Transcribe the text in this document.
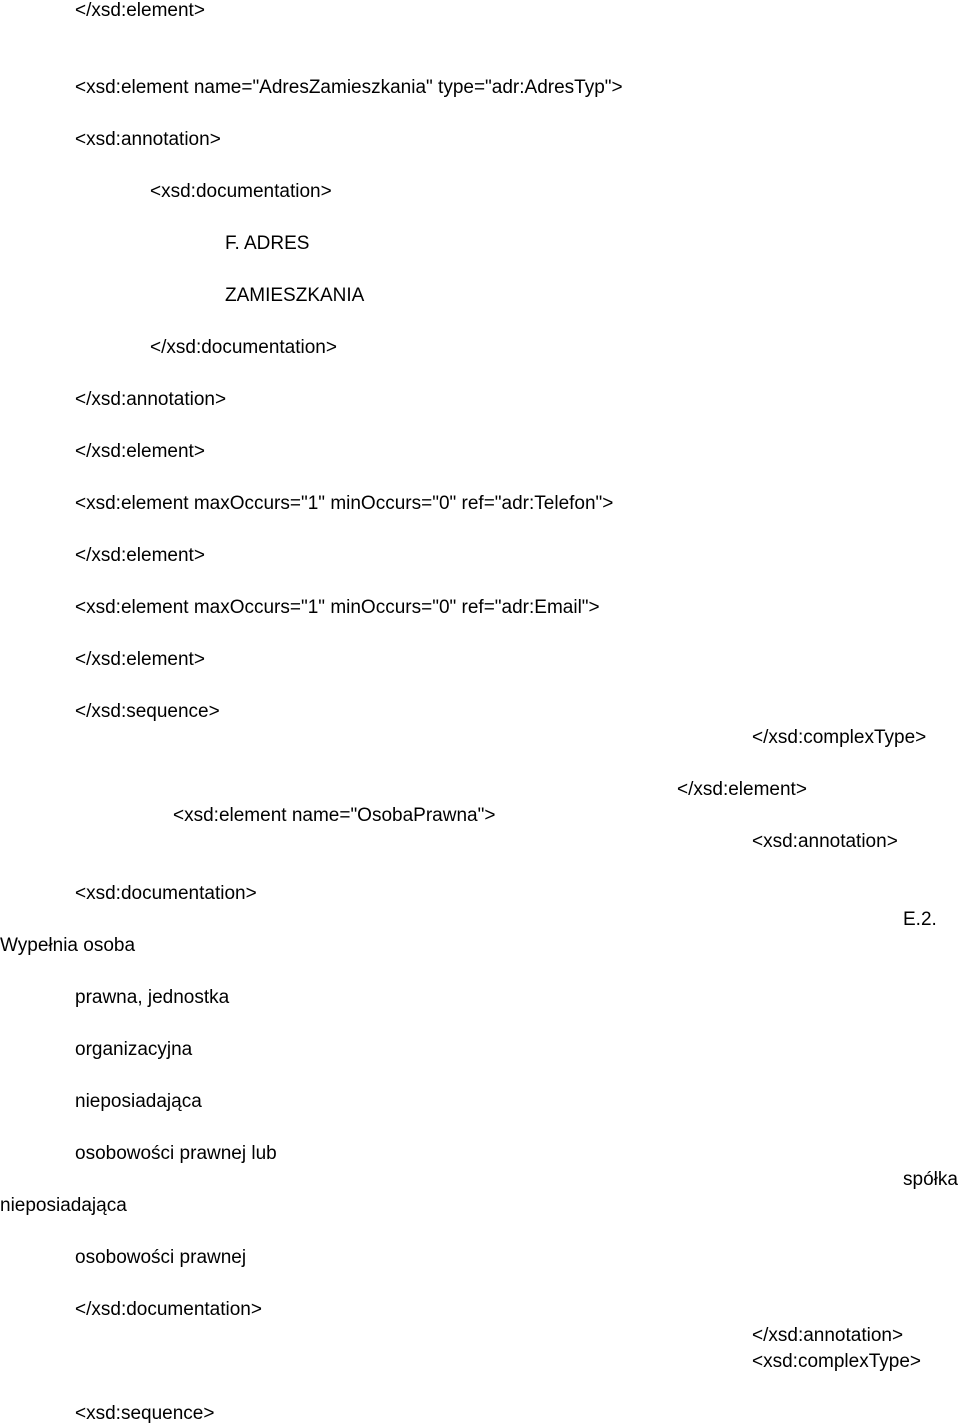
</xsd:element>
<xsd:element name="AdresZamieszkania" type="adr:AdresTyp">
<xsd:annotation>
<xsd:documentation>
F. ADRES
ZAMIESZKANIA
</xsd:documentation>
</xsd:annotation>
</xsd:element>
<xsd:element maxOccurs="1" minOccurs="0" ref="adr:Telefon">
</xsd:element>
<xsd:element maxOccurs="1" minOccurs="0" ref="adr:Email">
</xsd:element>
</xsd:sequence>
</xsd:complexType>
</xsd:element>
<xsd:element name="OsobaPrawna">
<xsd:annotation>
<xsd:documentation>
E.2.
Wypełnia osoba
prawna, jednostka
organizacyjna
nieposiadająca
osobowości prawnej lub
spółka
nieposiadająca
osobowości prawnej
</xsd:documentation>
</xsd:annotation>
<xsd:complexType>
<xsd:sequence>
